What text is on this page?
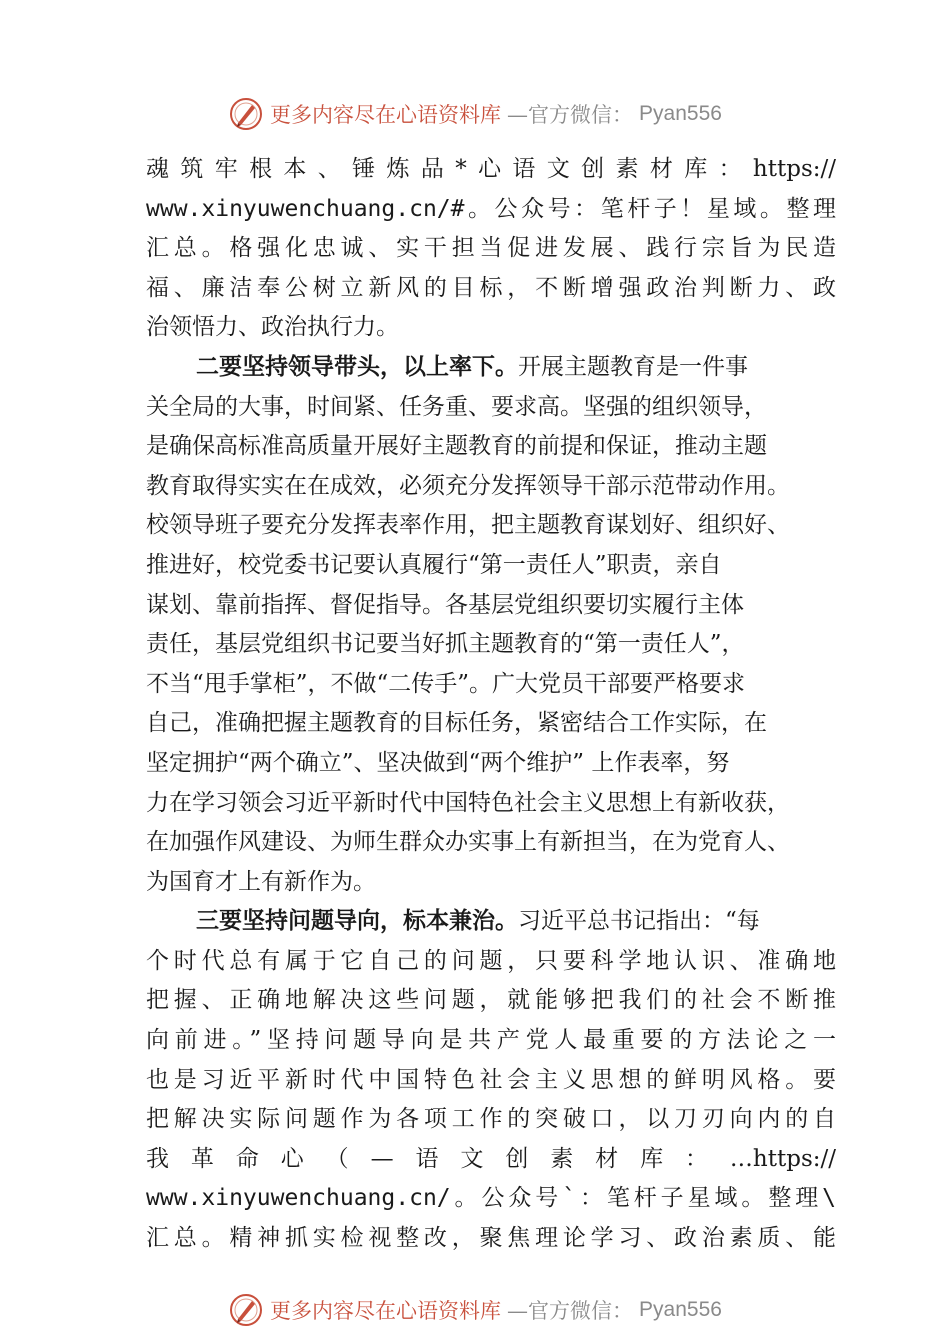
更多内容尽在心语资料库 —官方微信： Pyan556
魂筑牢根本、锤炼品*心语文创素材库：https://
www.xinyuwenchuang.cn/#。公众号：笔杆子！星域。整理
汇总。格强化忠诚、实干担当促进发展、践行宗旨为民造
福、廉洁奉公树立新风的目标，不断增强政治判断力、政
治领悟力、政治执行力。
二要坚持领导带头，以上率下。开展主题教育是一件事
关全局的大事，时间紧、任务重、要求高。坚强的组织领导，
是确保高标准高质量开展好主题教育的前提和保证，推动主题
教育取得实实在在成效，必须充分发挥领导干部示范带动作用。
校领导班子要充分发挥表率作用，把主题教育谋划好、组织好、
推进好，校党委书记要认真履行“第一责任人”职责，亲自
谋划、靠前指挥、督促指导。各基层党组织要切实履行主体
责任，基层党组织书记要当好抓主题教育的“第一责任人”，
不当“甩手掌柜”，不做“二传手”。广大党员干部要严格要求
自己，准确把握主题教育的目标任务，紧密结合工作实际，在
坚定拥护“两个确立”、坚决做到“两个维护” 上作表率，努
力在学习领会习近平新时代中国特色社会主义思想上有新收获，
在加强作风建设、为师生群众办实事上有新担当，在为党育人、
为国育才上有新作为。
三要坚持问题导向，标本兼治。习近平总书记指出：“每
个时代总有属于它自己的问题，只要科学地认识、准确地
把握、正确地解决这些问题，就能够把我们的社会不断推
向前进。”坚持问题导向是共产党人最重要的方法论之一
也是习近平新时代中国特色社会主义思想的鲜明风格。要
把解决实际问题作为各项工作的突破口，以刀刃向内的自
我革命心（—语文创素材库：…https://
www.xinyuwenchuang.cn/。公众号`：笔杆子星域。整理\
汇总。精神抓实检视整改，聚焦理论学习、政治素质、能
更多内容尽在心语资料库 —官方微信： Pyan556
